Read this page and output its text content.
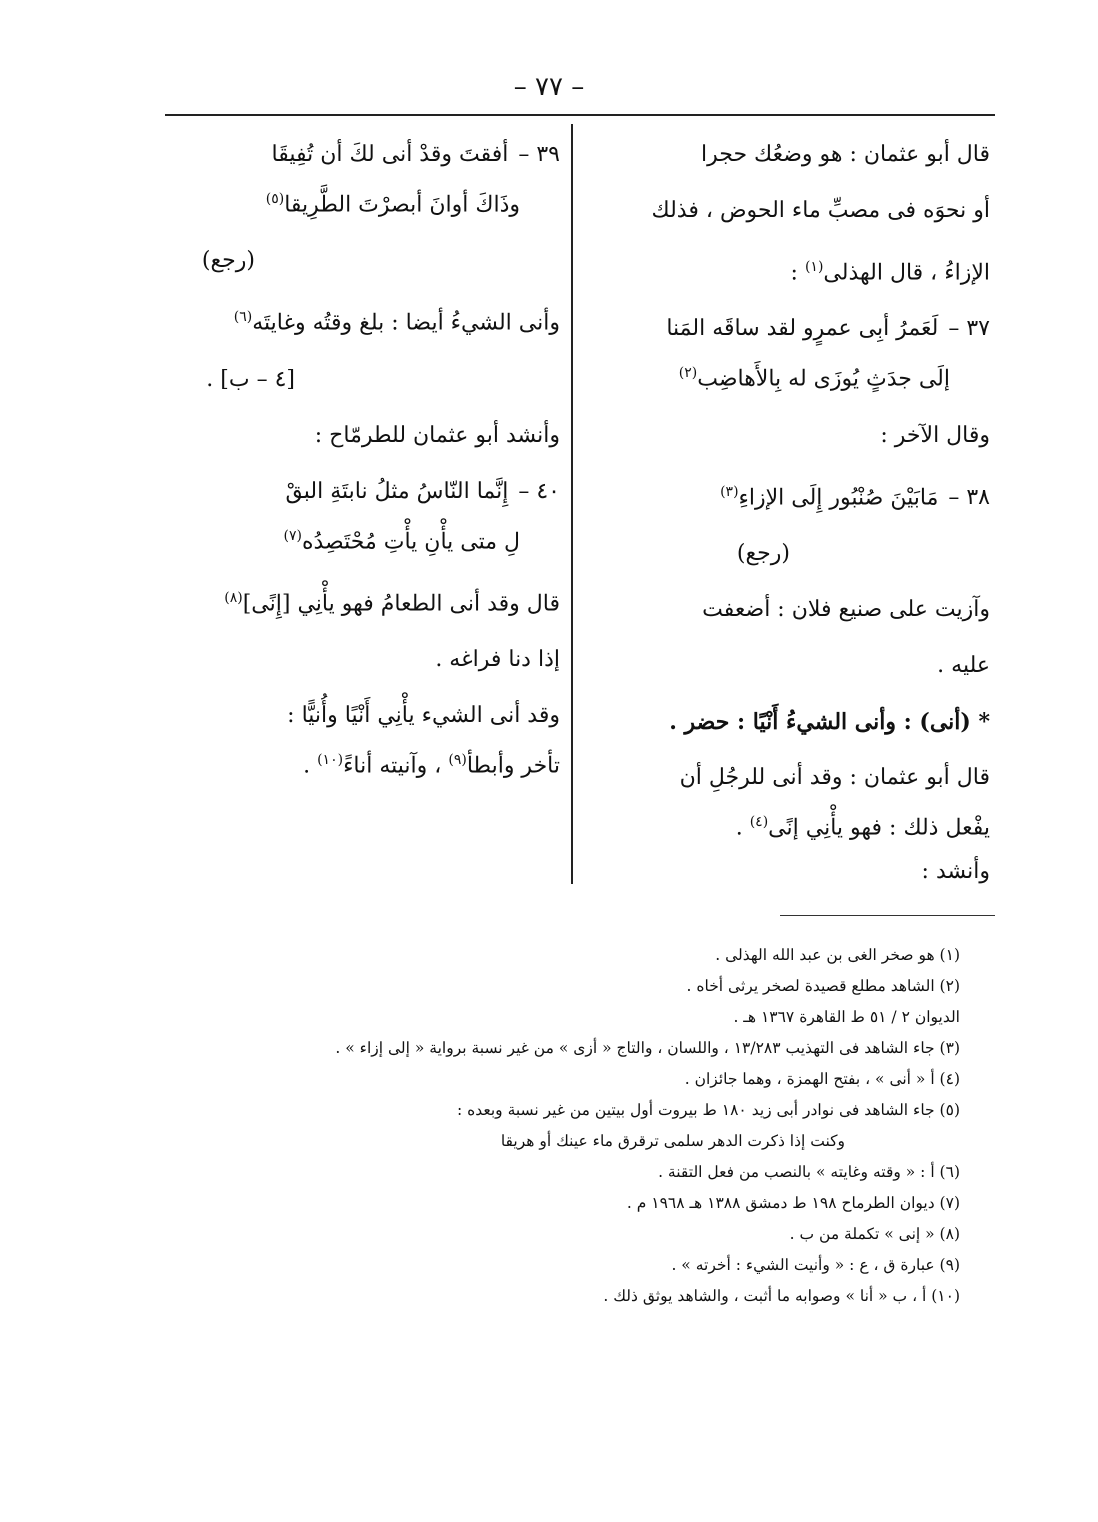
– ٧٧ –
قال أبو عثمان : هو وضعُك حجرا
أو نحوَه فى مصبِّ ماء الحوض ، فذلك
الإزاءُ ، قال الهذلى$^{(١)}$ :
٣٧ –لَعَمرُ أبِى عمرٍو لقد ساقَه المَنا
إلَى جدَثٍ يُوزَى له بِالأَهاضِب$^{(٢)}$
وقال الآخر :
٣٨ –مَابَيْنَ صُنْبُور إِلَى الإزاءِ$^{(٣)}$
(رجع)
وآزيت على صنيع فلان : أضعفت
عليه .
* (أنى) : وأنى الشيءُ أَنْيًا : حضر .
قال أبو عثمان : وقد أنى للرجُلِ أن
يفْعل ذلك : فهو يأْنِي إنًى$^{(٤)}$ .
وأنشد :
٣٩ –أفقتَ وقدْ أنى لكَ أن تُفِيقَا
وذَاكَ أوانَ أبصرْتَ الطَّرِيقا$^{(٥)}$
(رجع)
وأنى الشيءُ أيضا : بلغ وقتُه وغايتَه$^{(٦)}$
[٤ – ب] .
وأنشد أبو عثمان للطرمّاح :
٤٠ –إِنَّما النّاسُ مثلُ نابتَةِ البقْ
لِ متى يأْنِ يأْتِ مُحْتَصِدُه$^{(٧)}$
قال وقد أنى الطعامُ فهو يأْنِي [إِنًى]$^{(٨)}$
إذا دنا فراغه .
وقد أنى الشيء يأْنِي أَنْيًا وأُنيًّا :
تأخر وأبطأ$^{(٩)}$ ، وآنيته أناءً$^{(١٠)}$ .
(١) هو صخر الغى بن عبد الله الهذلى .
(٢) الشاهد مطلع قصيدة لصخر يرثى أخاه .
الديوان ٢ / ٥١ ط القاهرة ١٣٦٧ هـ .
(٣) جاء الشاهد فى التهذيب ١٣/٢٨٣ ، واللسان ، والتاج « أزى » من غير نسبة برواية « إلى إزاء » .
(٤) أ « أنى » ، بفتح الهمزة ، وهما جائزان .
(٥) جاء الشاهد فى نوادر أبى زيد ١٨٠ ط بيروت أول بيتين من غير نسبة وبعده :
وكنت إذا ذكرت الدهر سلمى ترقرق ماء عينك أو هريقا
(٦) أ : « وقته وغايته » بالنصب من فعل التقنة .
(٧) ديوان الطرماح ١٩٨ ط دمشق ١٣٨٨ هـ ١٩٦٨ م .
(٨) « إنى » تكملة من ب .
(٩) عبارة ق ، ع : « وأنيت الشيء : أخرته » .
(١٠) أ ، ب « أنا » وصوابه ما أثبت ، والشاهد يوثق ذلك .
